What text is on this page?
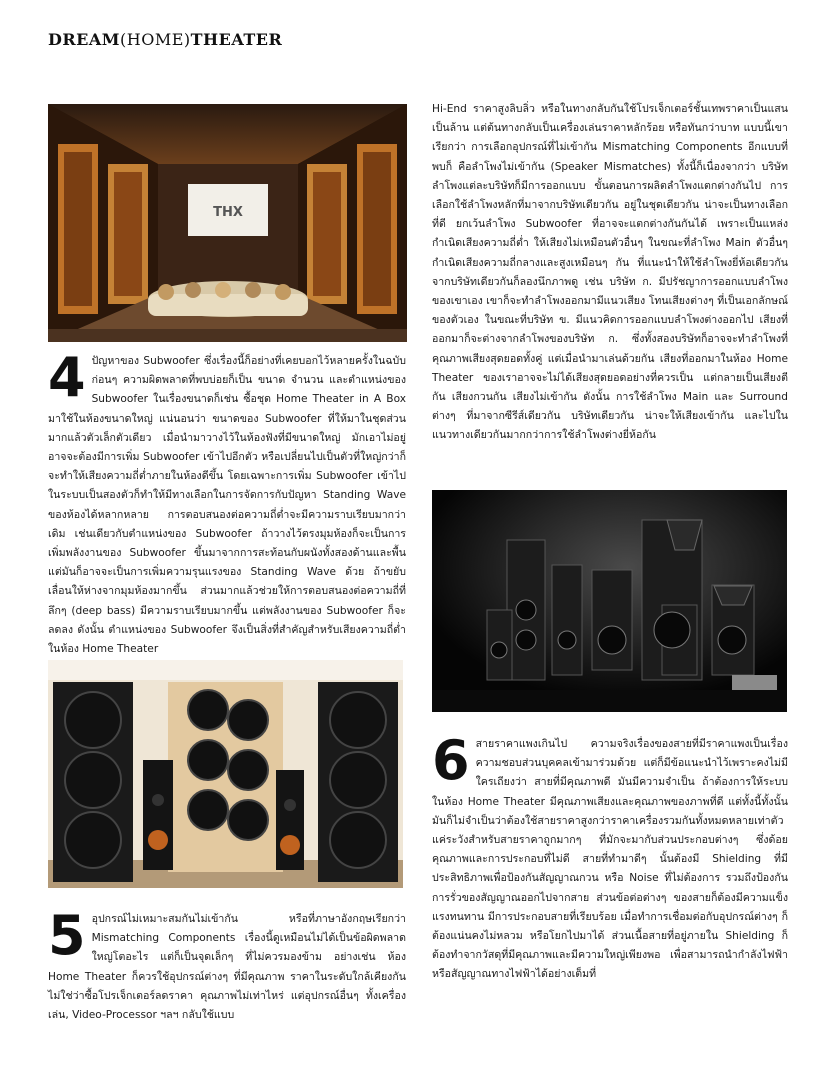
DREAM(HOME)THEATER
THX
4 ปัญหาของ Subwoofer ซึ่งเรื่องนี้ก็อย่างที่เคยบอกไว้หลายครั้งในฉบับก่อนๆ ความผิดพลาดที่พบบ่อยก็เป็น ขนาด จำนวน และตำแหน่งของ Subwoofer ในเรื่องขนาดก็เช่น ซื้อชุด Home Theater in A Box มาใช้ในห้องขนาดใหญ่ แน่นอนว่า ขนาดของ Subwoofer ที่ให้มาในชุดส่วนมากแล้วตัวเล็กตัวเดียว เมื่อนำมาวางไว้ในห้องฟังที่มีขนาดใหญ่ มักเอาไม่อยู่ อาจจะต้องมีการเพิ่ม Subwoofer เข้าไปอีกตัว หรือเปลี่ยนไปเป็นตัวที่ใหญ่กว่าก็จะทำให้เสียงความถี่ต่ำภายในห้องดีขึ้น โดยเฉพาะการเพิ่ม Subwoofer เข้าไปในระบบเป็นสองตัวก็ทำให้มีทางเลือกในการจัดการกับปัญหา Standing Wave ของห้องได้หลากหลาย การตอบสนองต่อความถี่ต่ำจะมีความราบเรียบมากว่าเดิม เช่นเดียวกับตำแหน่งของ Subwoofer ถ้าวางไว้ตรงมุมห้องก็จะเป็นการเพิ่มพลังงานของ Subwoofer ขึ้นมาจากการสะท้อนกับผนังทั้งสองด้านและพื้น แต่มันก็อาจจะเป็นการเพิ่มความรุนแรงของ Standing Wave ด้วย ถ้าขยับเลื่อนให้ห่างจากมุมห้องมากขึ้น ส่วนมากแล้วช่วยให้การตอบสนองต่อความถี่ที่ลึกๆ (deep bass) มีความราบเรียบมากขึ้น แต่พลังงานของ Subwoofer ก็จะลดลง ดังนั้น ตำแหน่งของ Subwoofer จึงเป็นสิ่งที่สำคัญสำหรับเสียงความถี่ต่ำในห้อง Home Theater

5 อุปกรณ์ไม่เหมาะสมกันไม่เข้ากัน หรือที่ภาษาอังกฤษเรียกว่า Mismatching Components เรื่องนี้ดูเหมือนไม่ได้เป็นข้อผิดพลาดใหญ่โตอะไร แต่ก็เป็นจุดเล็กๆ ที่ไม่ควรมองข้าม อย่างเช่น ห้อง Home Theater ก็ควรใช้อุปกรณ์ต่างๆ ที่มีคุณภาพ ราคาในระดับใกล้เคียงกัน ไม่ใช่ว่าซื้อโปรเจ็กเตอร์ลดราคา คุณภาพไม่เท่าไหร่ แต่อุปกรณ์อื่นๆ ทั้งเครื่องเล่น, Video-Processor ฯลฯ กลับใช้แบบ

Hi-End ราคาสูงลิบลิ่ว หรือในทางกลับกันใช้โปรเจ็กเตอร์ชั้นเทพราคาเป็นแสนเป็นล้าน แต่ต้นทางกลับเป็นเครื่องเล่นราคาหลักร้อย หรือทันกว่าบาท แบบนี้เขาเรียกว่า การเลือกอุปกรณ์ที่ไม่เข้ากัน Mismatching Components อีกแบบที่พบก็ คือลำโพงไม่เข้ากัน (Speaker Mismatches) ทั้งนี้ก็เนื่องจากว่า บริษัทลำโพงแต่ละบริษัทก็มีการออกแบบ ขั้นตอนการผลิตลำโพงแตกต่างกันไป การเลือกใช้ลำโพงหลักที่มาจากบริษัทเดียวกัน อยู่ในชุดเดียวกัน น่าจะเป็นทางเลือกที่ดี ยกเว้นลำโพง Subwoofer ที่อาจจะแตกต่างกันกันได้ เพราะเป็นแหล่งกำเนิดเสียงความถี่ต่ำ ให้เสียงไม่เหมือนตัวอื่นๆ ในขณะที่ลำโพง Main ตัวอื่นๆ กำเนิดเสียงความถี่กลางและสูงเหมือนๆ กัน ที่แนะนำให้ใช้ลำโพงยี่ห้อเดียวกันจากบริษัทเดียวกันก็ลองนึกภาพดู เช่น บริษัท ก. มีปรัชญาการออกแบบลำโพงของเขาเอง เขาก็จะทำลำโพงออกมามีแนวเสียง โทนเสียงต่างๆ ที่เป็นเอกลักษณ์ของตัวเอง ในขณะที่บริษัท ข. มีแนวคิดการออกแบบลำโพงต่างออกไป เสียงที่ออกมาก็จะต่างจากลำโพงของบริษัท ก. ซึ่งทั้งสองบริษัทก็อาจจะทำลำโพงที่คุณภาพเสียงสุดยอดทั้งคู่ แต่เมื่อนำมาเล่นด้วยกัน เสียงที่ออกมาในห้อง Home Theater ของเราอาจจะไม่ได้เสียงสุดยอดอย่างที่ควรเป็น แต่กลายเป็นเสียงตีกัน เสียงกวนกัน เสียงไม่เข้ากัน ดังนั้น การใช้ลำโพง Main และ Surround ต่างๆ ที่มาจากซีรีส์เดียวกัน บริษัทเดียวกัน น่าจะให้เสียงเข้ากัน และไปในแนวทางเดียวกันมากกว่าการใช้ลำโพงต่างยี่ห้อกัน

6 สายราคาแพงเกินไป ความจริงเรื่องของสายที่มีราคาแพงเป็นเรื่องความชอบส่วนบุคคลเข้ามาร่วมด้วย แต่ก็มีข้อแนะนำไว้เพราะคงไม่มีใครเถียงว่า สายที่มีคุณภาพดี มันมีความจำเป็น ถ้าต้องการให้ระบบในห้อง Home Theater มีคุณภาพเสียงและคุณภาพของภาพที่ดี แต่ทั้งนี้ทั้งนั้น มันก็ไม่จำเป็นว่าต้องใช้สายราคาสูงกว่าราคาเครื่องรวมกันทั้งหมดหลายเท่าตัว แค่ระวังสำหรับสายราคาถูกมากๆ ที่มักจะมากับส่วนประกอบต่างๆ ซึ่งด้อยคุณภาพและการประกอบที่ไม่ดี สายที่ทำมาดีๆ นั้นต้องมี Shielding ที่มีประสิทธิภาพเพื่อป้องกันสัญญาณกวน หรือ Noise ที่ไม่ต้องการ รวมถึงป้องกันการรั่วของสัญญาณออกไปจากสาย ส่วนข้อต่อต่างๆ ของสายก็ต้องมีความแข็งแรงทนทาน มีการประกอบสายที่เรียบร้อย เมื่อทำการเชื่อมต่อกับอุปกรณ์ต่างๆ ก็ต้องแน่นคงไม่หลวม หรือโยกไปมาได้ ส่วนเนื้อสายที่อยู่ภายใน Shielding ก็ต้องทำจากวัสดุที่มีคุณภาพและมีความใหญ่เพียงพอ เพื่อสามารถนำกำลังไฟฟ้าหรือสัญญาณทางไฟฟ้าได้อย่างเต็มที่
